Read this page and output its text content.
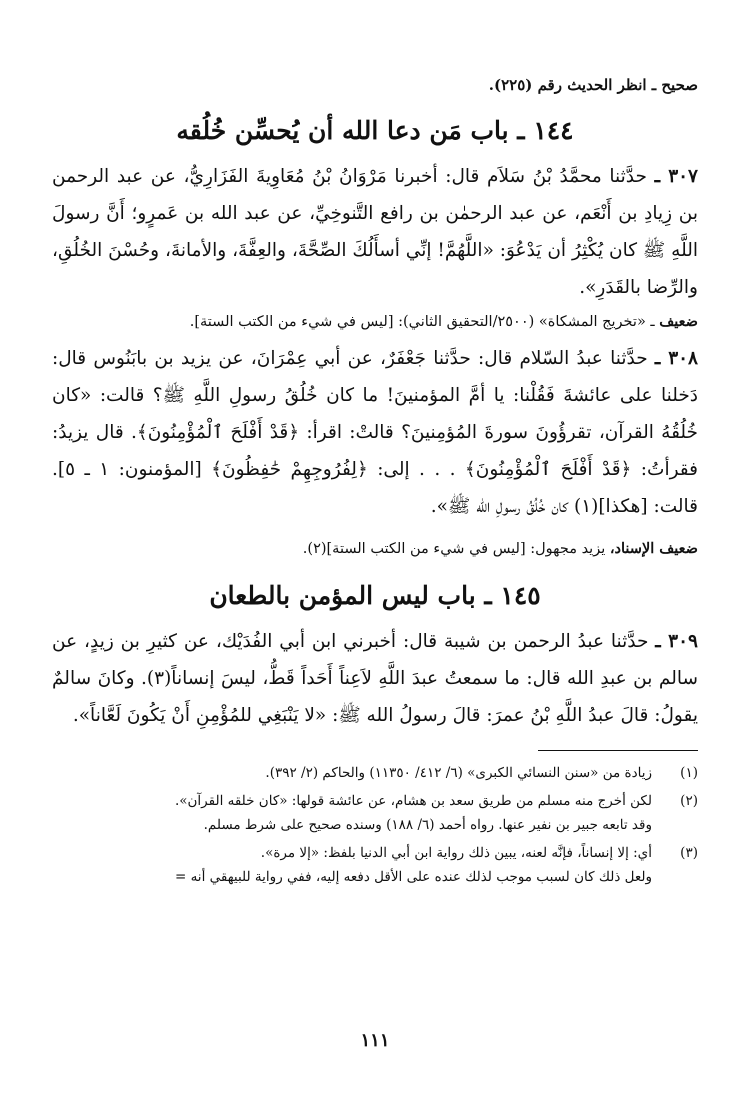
صحيح ـ انظر الحديث رقم (٢٢٥).

١٤٤ ـ باب مَن دعا الله أن يُحسِّن خُلُقه

٣٠٧ ـ حدَّثنا محمَّدُ بْنُ سَلاَم قال: أخبرنا مَرْوَانُ بْنُ مُعَاوِيةَ الفَزَارِيُّ، عن عبد الرحمن بن زِيادِ بن أَنْعَم، عن عبد الرحمٰن بن رافع التَّنوخِيِّ، عن عبد الله بن عَمرٍو؛ أَنَّ رسولَ اللَّهِ ﷺ كان يُكْثِرُ أن يَدْعُوَ: «اللَّهُمَّ! إنِّي أسأَلُكَ الصِّحَّةَ، والعِفَّةَ، والأمانةَ، وحُسْنَ الخُلُقِ، والرِّضا بالقَدَرِ».

ضعيف ـ «تخريج المشكاة» (٢٥٠٠/التحقيق الثاني): [ليس في شيء من الكتب الستة].

٣٠٨ ـ حدَّثنا عبدُ السّلام قال: حدَّثنا جَعْفَرٌ، عن أبي عِمْرَانَ، عن يزيد بن بابَنُوس قال: دَخلنا على عائشةَ فَقُلْنا: يا أمَّ المؤمنينَ! ما كان خُلُقُ رسولِ اللَّهِ ﷺ؟ قالت: «كان خُلُقُهُ القرآن، تقرؤُونَ سورةَ المُؤمِنينَ؟ قالتْ: اقرأ: ﴿قَدْ أَفْلَحَ ٱلْمُؤْمِنُونَ﴾. قال يزيدُ: فقرأتُ: ﴿قَدْ أَفْلَحَ ٱلْمُؤْمِنُونَ﴾ . . . إلى: ﴿لِفُرُوجِهِمْ حَٰفِظُونَ﴾ [المؤمنون: ١ ـ ٥]. قالت: [هكذا](١) كان خُلُقُ رسولِ الله ﷺ».

ضعيف الإسناد، يزيد مجهول: [ليس في شيء من الكتب الستة](٢).

١٤٥ ـ باب ليس المؤمن بالطعان

٣٠٩ ـ حدَّثنا عبدُ الرحمن بن شيبة قال: أخبرني ابن أبي الفُدَيْك، عن كثيرِ بن زيدٍ، عن سالم بن عبدِ الله قال: ما سمعتُ عبدَ اللَّهِ لاَعِناً أَحَداً قَطُّ، ليسَ إنساناً(٣). وكانَ سالمٌ يقولُ: قالَ عبدُ اللَّهِ بْنُ عمرَ: قالَ رسولُ الله ﷺ: «لا يَنْبَغِي للمُؤْمِنِ أَنْ يَكُونَ لَعَّاناً».

(١)
زيادة من «سنن النسائي الكبرى» (٦/ ٤١٢/ ١١٣٥٠) والحاكم (٢/ ٣٩٢).
(٢)
لكن أخرج منه مسلم من طريق سعد بن هشام، عن عائشة قولها: «كان خلقه القرآن».
وقد تابعه جبير بن نفير عنها. رواه أحمد (٦/ ١٨٨) وسنده صحيح على شرط مسلم.
(٣)
أي: إلا إنساناً، فإنَّه لعنه، يبين ذلك رواية ابن أبي الدنيا بلفظ: «إلا مرة».
ولعل ذلك كان لسبب موجب لذلك عنده على الأقل دفعه إليه، ففي رواية للبيهقي أنه =
١١١
